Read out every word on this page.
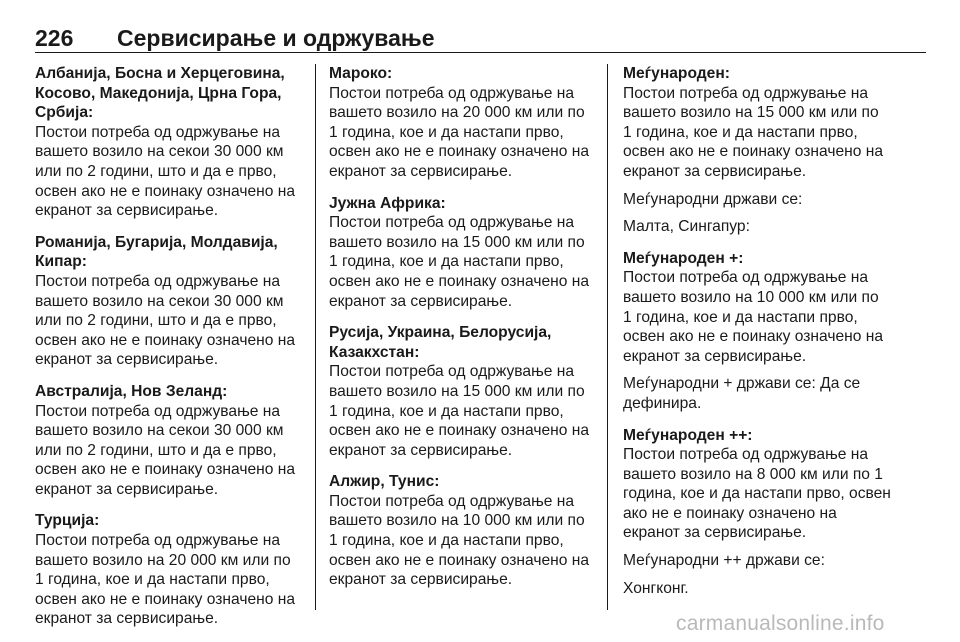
226 Сервисирање и одржување
Албанија, Босна и Херцеговина, Косово, Македонија, Црна Гора, Србија:

Постои потреба од одржување на вашето возило на секои 30 000 км или по 2 години, што и да е прво, освен ако не е поинаку означено на екранот за сервисирање.

Романија, Бугарија, Молдавија, Кипар:

Постои потреба од одржување на вашето возило на секои 30 000 км или по 2 години, што и да е прво, освен ако не е поинаку означено на екранот за сервисирање.

Австралија, Нов Зеланд:

Постои потреба од одржување на вашето возило на секои 30 000 км или по 2 години, што и да е прво, освен ако не е поинаку означено на екранот за сервисирање.

Турција:

Постои потреба од одржување на вашето возило на 20 000 км или по 1 година, кое и да настапи прво, освен ако не е поинаку означено на екранот за сервисирање.

Мароко:

Постои потреба од одржување на вашето возило на 20 000 км или по 1 година, кое и да настапи прво, освен ако не е поинаку означено на екранот за сервисирање.

Јужна Африка:

Постои потреба од одржување на вашето возило на 15 000 км или по 1 година, кое и да настапи прво, освен ако не е поинаку означено на екранот за сервисирање.

Русија, Украина, Белорусија, Казакхстан:

Постои потреба од одржување на вашето возило на 15 000 км или по 1 година, кое и да настапи прво, освен ако не е поинаку означено на екранот за сервисирање.

Алжир, Тунис:

Постои потреба од одржување на вашето возило на 10 000 км или по 1 година, кое и да настапи прво, освен ако не е поинаку означено на екранот за сервисирање.

Меѓународен:

Постои потреба од одржување на вашето возило на 15 000 км или по 1 година, кое и да настапи прво, освен ако не е поинаку означено на екранот за сервисирање.

Меѓународни држави се:

Малта, Сингапур:

Меѓународен +:

Постои потреба од одржување на вашето возило на 10 000 км или по 1 година, кое и да настапи прво, освен ако не е поинаку означено на екранот за сервисирање.

Меѓународни + држави се: Да се дефинира.

Меѓународен ++:

Постои потреба од одржување на вашето возило на 8 000 км или по 1 година, кое и да настапи прво, освен ако не е поинаку означено на екранот за сервисирање.

Меѓународни ++ држави се:

Хонгконг.

carmanualsonline.info
